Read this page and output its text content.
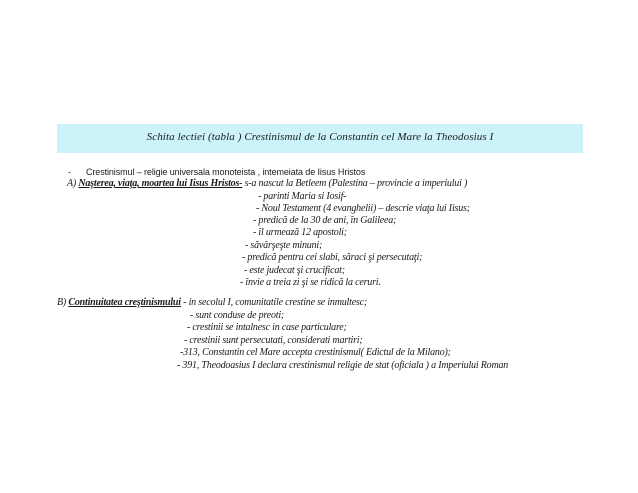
Schita lectiei (tabla ) Crestinismul de la Constantin cel Mare la Theodosius I
- Crestinismul – religie universala monoteista , intemeiata de Iisus Hristos
A) Naşterea, viaţa, moartea lui Iisus Hristos- s-a nascut la Betleem (Palestina – provincie a imperiului )
- parinti Maria si Iosif-
- Noul Testament (4 evanghelii) – descrie viaţa lui Iisus;
- predică de la 30 de ani, în Galileea;
- îl urmează 12 apostoli;
- săvârşeşte minuni;
- predică pentru cei slabi, săraci şi persecutaţi;
- este judecat şi crucificat;
- învie a treia zi şi se ridică la ceruri.
B) Continuitatea creştinismului - in secolul I, comunitatile crestine se inmultesc;
- sunt conduse de preoti;
- crestinii se intalnesc in case particulare;
- crestinii sunt persecutati, considerati martiri;
-313, Constantin cel Mare accepta crestinismul( Edictul de la Milano);
- 391, Theodoasius I declara crestinismul religie de stat (oficiala ) a Imperiului Roman
